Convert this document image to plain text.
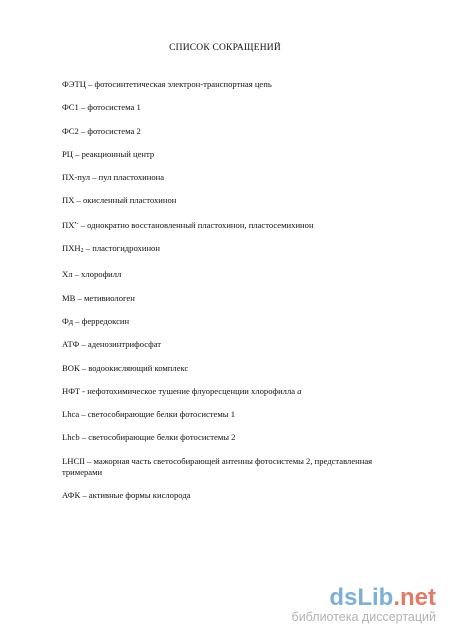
СПИСОК СОКРАЩЕНИЙ
ФЭТЦ – фотосинтетическая электрон-транспортная цепь
ФС1 – фотосистема 1
ФС2 – фотосистема 2
РЦ – реакционный центр
ПХ-пул – пул пластохинона
ПХ – окисленный пластохинон
ПХ•- – однократно восстановленный пластохинон, пластосемихинон
ПХН2 – пластогидрохинон
Хл – хлорофилл
МВ – метивиологен
Фд – ферредоксин
АТФ – аденозинтрифосфат
ВОК – водоокисляющий комплекс
НФТ - нефотохимическое тушение флуоресценции хлорофилла a
Lhca – светособирающие белки фотосистемы 1
Lhcb – светособирающие белки фотосистемы 2
LHCII – мажорная часть светособирающей антенны фотосистемы 2, представленная тримерами
АФК – активные формы кислорода
dsLib.net
библиотека диссертаций
